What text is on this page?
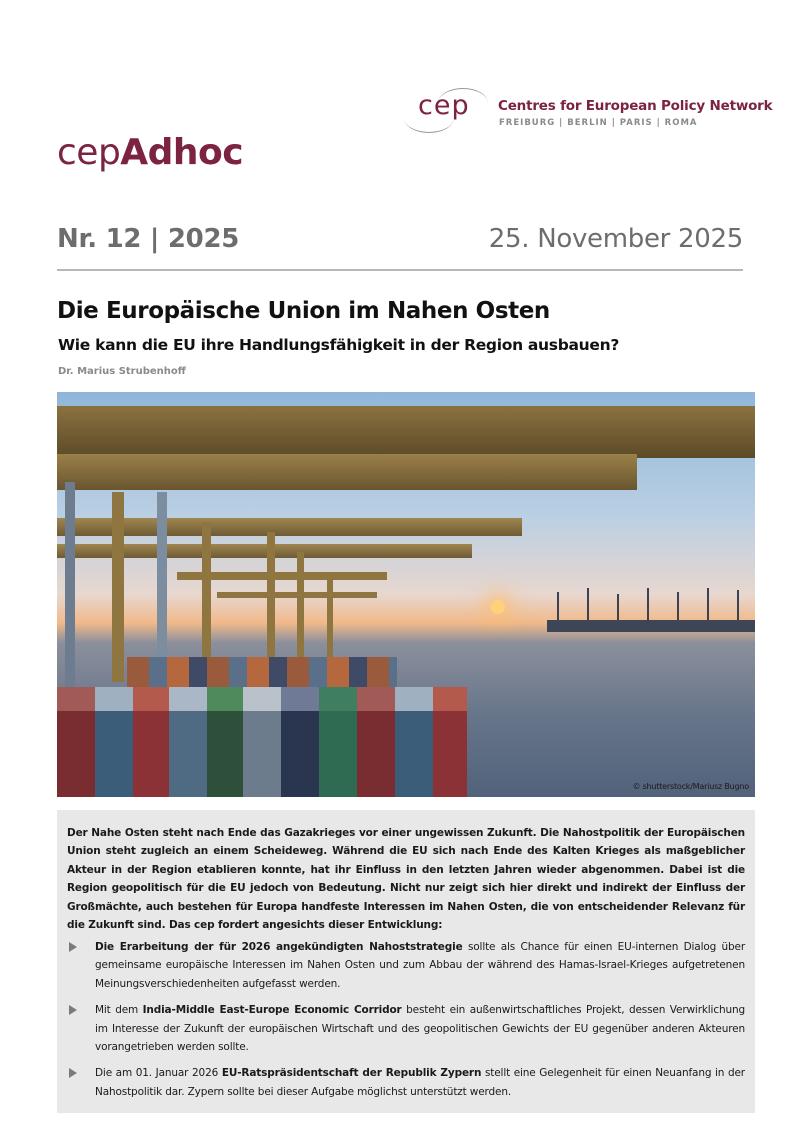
cep Centres for European Policy Network
FREIBURG | BERLIN | PARIS | ROMA
cepAdhoc
Nr. 12 | 2025	25. November 2025
Die Europäische Union im Nahen Osten
Wie kann die EU ihre Handlungsfähigkeit in der Region ausbauen?
Dr. Marius Strubenhoff
© shutterstock/Mariusz Bugno

Der Nahe Osten steht nach Ende das Gazakrieges vor einer ungewissen Zukunft. Die Nahostpolitik der Europäischen Union steht zugleich an einem Scheideweg. Während die EU sich nach Ende des Kalten Krieges als maßgeblicher Akteur in der Region etablieren konnte, hat ihr Einfluss in den letzten Jahren wieder abgenommen. Dabei ist die Region geopolitisch für die EU jedoch von Bedeutung. Nicht nur zeigt sich hier direkt und indirekt der Einfluss der Großmächte, auch bestehen für Europa handfeste Interessen im Nahen Osten, die von entscheidender Relevanz für die Zukunft sind. Das cep fordert angesichts dieser Entwicklung:

Die Erarbeitung der für 2026 angekündigten Nahoststrategie sollte als Chance für einen EU-internen Dialog über gemeinsame europäische Interessen im Nahen Osten und zum Abbau der während des Hamas-Israel-Krieges aufgetretenen Meinungsverschiedenheiten aufgefasst werden.
Mit dem India-Middle East-Europe Economic Corridor besteht ein außenwirtschaftliches Projekt, dessen Verwirklichung im Interesse der Zukunft der europäischen Wirtschaft und des geopolitischen Gewichts der EU gegenüber anderen Akteuren vorangetrieben werden sollte.
Die am 01. Januar 2026 EU-Ratspräsidentschaft der Republik Zypern stellt eine Gelegenheit für einen Neuanfang in der Nahostpolitik dar. Zypern sollte bei dieser Aufgabe möglichst unterstützt werden.
